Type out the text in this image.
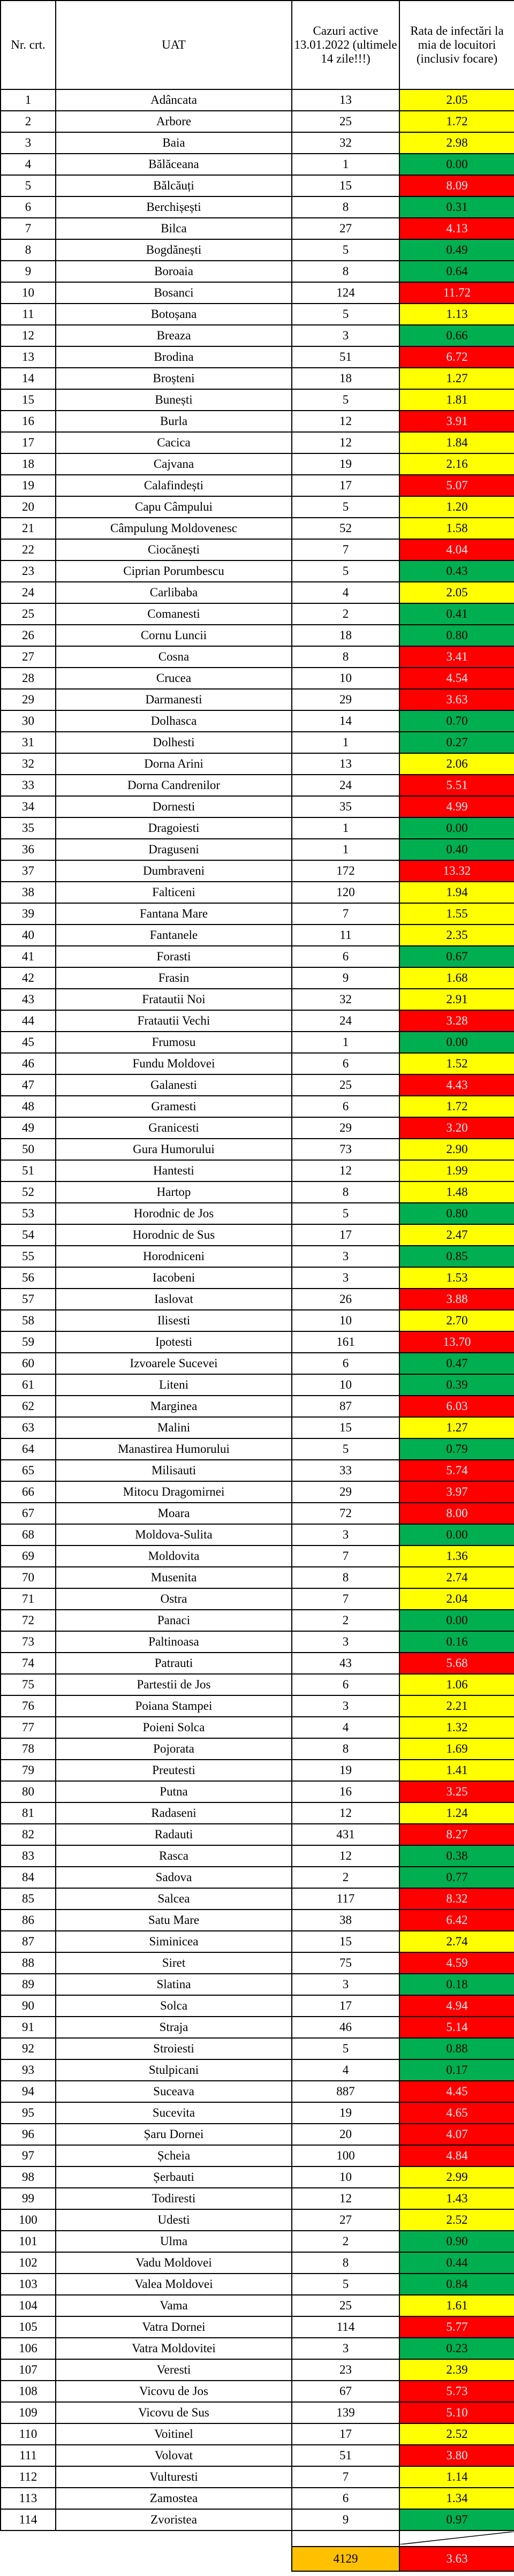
Nr. crt.	UAT	Cazuri active 13.01.2022 (ultimele 14 zile!!!)	Rata de infectări la mia de locuitori (inclusiv focare)
1	Adâncata	13	2.05
2	Arbore	25	1.72
3	Baia	32	2.98
4	Bălăceana	1	0.00
5	Bălcăuți	15	8.09
6	Berchișești	8	0.31
7	Bilca	27	4.13
8	Bogdănești	5	0.49
9	Boroaia	8	0.64
10	Bosanci	124	11.72
11	Botoșana	5	1.13
12	Breaza	3	0.66
13	Brodina	51	6.72
14	Broșteni	18	1.27
15	Bunești	5	1.81
16	Burla	12	3.91
17	Cacica	12	1.84
18	Cajvana	19	2.16
19	Calafindești	17	5.07
20	Capu Câmpului	5	1.20
21	Câmpulung Moldovenesc	52	1.58
22	Ciocănești	7	4.04
23	Ciprian Porumbescu	5	0.43
24	Carlibaba	4	2.05
25	Comanesti	2	0.41
26	Cornu Luncii	18	0.80
27	Cosna	8	3.41
28	Crucea	10	4.54
29	Darmanesti	29	3.63
30	Dolhasca	14	0.70
31	Dolhesti	1	0.27
32	Dorna Arini	13	2.06
33	Dorna Candrenilor	24	5.51
34	Dornesti	35	4.99
35	Dragoiesti	1	0.00
36	Draguseni	1	0.40
37	Dumbraveni	172	13.32
38	Falticeni	120	1.94
39	Fantana Mare	7	1.55
40	Fantanele	11	2.35
41	Forasti	6	0.67
42	Frasin	9	1.68
43	Fratautii Noi	32	2.91
44	Fratautii Vechi	24	3.28
45	Frumosu	1	0.00
46	Fundu Moldovei	6	1.52
47	Galanesti	25	4.43
48	Gramesti	6	1.72
49	Granicesti	29	3.20
50	Gura Humorului	73	2.90
51	Hantesti	12	1.99
52	Hartop	8	1.48
53	Horodnic de Jos	5	0.80
54	Horodnic de Sus	17	2.47
55	Horodniceni	3	0.85
56	Iacobeni	3	1.53
57	Iaslovat	26	3.88
58	Ilisesti	10	2.70
59	Ipotesti	161	13.70
60	Izvoarele Sucevei	6	0.47
61	Liteni	10	0.39
62	Marginea	87	6.03
63	Malini	15	1.27
64	Manastirea Humorului	5	0.79
65	Milisauti	33	5.74
66	Mitocu Dragomirnei	29	3.97
67	Moara	72	8.00
68	Moldova-Sulita	3	0.00
69	Moldovita	7	1.36
70	Musenita	8	2.74
71	Ostra	7	2.04
72	Panaci	2	0.00
73	Paltinoasa	3	0.16
74	Patrauti	43	5.68
75	Partestii de Jos	6	1.06
76	Poiana Stampei	3	2.21
77	Poieni Solca	4	1.32
78	Pojorata	8	1.69
79	Preutesti	19	1.41
80	Putna	16	3.25
81	Radaseni	12	1.24
82	Radauti	431	8.27
83	Rasca	12	0.38
84	Sadova	2	0.77
85	Salcea	117	8.32
86	Satu Mare	38	6.42
87	Siminicea	15	2.74
88	Siret	75	4.59
89	Slatina	3	0.18
90	Solca	17	4.94
91	Straja	46	5.14
92	Stroiesti	5	0.88
93	Stulpicani	4	0.17
94	Suceava	887	4.45
95	Sucevita	19	4.65
96	Șaru Dornei	20	4.07
97	Șcheia	100	4.84
98	Șerbauti	10	2.99
99	Todiresti	12	1.43
100	Udesti	27	2.52
101	Ulma	2	0.90
102	Vadu Moldovei	8	0.44
103	Valea Moldovei	5	0.84
104	Vama	25	1.61
105	Vatra Dornei	114	5.77
106	Vatra Moldovitei	3	0.23
107	Veresti	23	2.39
108	Vicovu de Jos	67	5.73
109	Vicovu de Sus	139	5.10
110	Voitinel	17	2.52
111	Volovat	51	3.80
112	Vulturesti	7	1.14
113	Zamostea	6	1.34
114	Zvoristea	9	0.97

		4129	3.63
